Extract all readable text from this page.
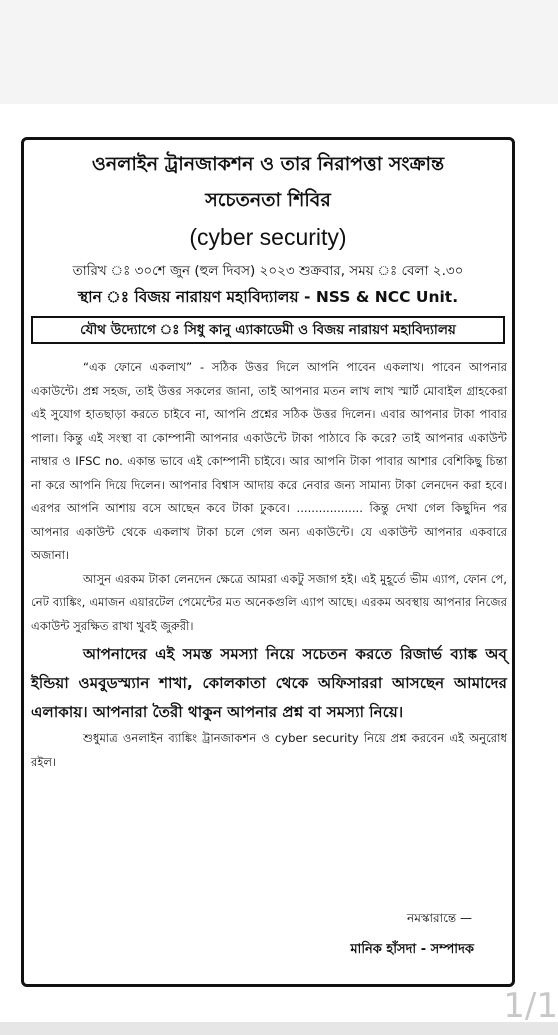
ওনলাইন ট্রানজাকশন ও তার নিরাপত্তা সংক্রান্ত
সচেতনতা শিবির
(cyber security)
তারিখ ঃ ৩০শে জুন (হুল দিবস) ২০২৩ শুক্রবার, সময় ঃ বেলা ২.৩০
স্থান ঃ বিজয় নারায়ণ মহাবিদ্যালয় - NSS & NCC Unit.
যৌথ উদ্যোগে ঃ সিধু কানু এ্যাকাডেমী ও বিজয় নারায়ণ মহাবিদ্যালয়

“এক ফোনে একলাখ” - সঠিক উত্তর দিলে আপনি পাবেন একলাখ। পাবেন আপনার একাউন্টে। প্রশ্ন সহজ, তাই উত্তর সকলের জানা, তাই আপনার মতন লাখ লাখ স্মার্ট মোবাইল গ্রাহকেরা এই সুযোগ হাতছাড়া করতে চাইবে না, আপনি প্রশ্নের সঠিক উত্তর দিলেন। এবার আপনার টাকা পাবার পালা। কিন্তু এই সংস্থা বা কোম্পানী আপনার একাউন্টে টাকা পাঠাবে কি করে? তাই আপনার একাউন্ট নাম্বার ও IFSC no. একান্ত ভাবে এই কোম্পানী চাইবে। আর আপনি টাকা পাবার আশার বেশিকিছু চিন্তা না করে আপনি দিয়ে দিলেন। আপনার বিশ্বাস আদায় করে নেবার জন্য সামান্য টাকা লেনদেন করা হবে। এরপর আপনি আশায় বসে আছেন কবে টাকা ঢুকবে। .................. কিন্তু দেখা গেল কিছুদিন পর আপনার একাউন্ট থেকে একলাখ টাকা চলে গেল অন্য একাউন্টে। যে একাউন্ট আপনার একবারে অজানা।

আসুন এরকম টাকা লেনদেন ক্ষেত্রে আমরা একটু সজাগ হই। এই মুহূর্তে ভীম এ্যাপ, ফোন পে, নেট ব্যাঙ্কিং, এমাজন এয়ারটেল পেমেন্টের মত অনেকগুলি এ্যাপ আছে। এরকম অবস্থায় আপনার নিজের একাউন্ট সুরক্ষিত রাখা খুবই জুরুরী।

আপনাদের এই সমস্ত সমস্যা নিয়ে সচেতন করতে রিজার্ভ ব্যাঙ্ক অব্ ইন্ডিয়া ওমবুডস্ম্যান শাখা, কোলকাতা থেকে অফিসাররা আসছেন আমাদের এলাকায়। আপনারা তৈরী থাকুন আপনার প্রশ্ন বা সমস্যা নিয়ে।

শুধুমাত্র ওনলাইন ব্যাঙ্কিং ট্রানজাকশন ও cyber security নিয়ে প্রশ্ন করবেন এই অনুরোধ রইল।

নমস্কারান্তে —
মানিক হাঁসদা - সম্পাদক
1/1
